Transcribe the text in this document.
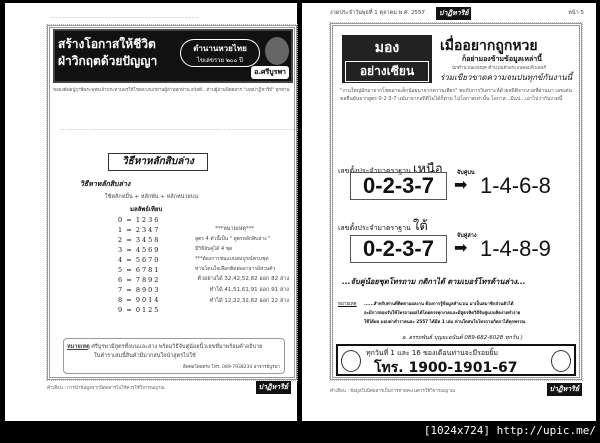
........................................................................................................
สร้างโอกาสให้ชีวิต
ฝ่าวิกฤตด้วยปัญญา
ตำนานหวยไทย
ไขเลขรวย ๒๐๐ ปี
อ.ศรีบูรพา
ขอองค์พ่อปู่ฤาษีพระพุทธเจ้าประทานพรให้โชคลาภแก่ท่านผู้อ่านทุกท่าน สวัสดี...ท่านผู้อ่านนิตยสาร "เลขปาฏิหาริย์" ทุกท่าน
........................................................................................................................................................
วิธีหาหลักสิบล่าง
วิธีหาหลักสิบล่าง
ใช้หลักหมื่น + หลักพัน + หลักหน่วยบน
มลลัพธ์เทียบ
***หมายเหตุ***
หมายเหตุ ศรีบูรพามีสูตรทั้งบนและล่าง พร้อมวิธีจับคู่น้อยนิ้วเลขที่มาพร้อมคำอธิบาย
ในตำราเล่มนี้สินค้ามีมากสนใจนำสูตรไปใช้
ติดต่อโดยตรง โทร. 089-7938234 อาจารย์บูรพา
คำเตือน : การนำข้อมูลจากนิตยสารไปใช้ควรใช้วิจารณญาณ	ปาฏิหาริย์
0  =  1236
1  =  2347
2  =  3458
3  =  4569
4  =  5670
5  =  6781
6  =  7892
7  =  8903
8  =  9014
9  =  0125
สูตร 4 ตัวนี้เป็น " สูตรหลักสิบล่าง "
มีวิธีจับคู่ได้ 4 ชุด
***ต้องการชมแบบสมบูรณ์ครบชุด
ท่านโดนใจเลือกติดต่ออาจารย์ส่วนตัว
ตัวอย่างได้ 32,42,52,82 ออก 82 ล่าง
ทำได้ 41,51,61,91 ออก 91 ล่าง
ทำได้ 12,22,32,62 ออก 22 ล่าง
งวดประจำวันพุธที่ 1 ตุลาคม พ.ศ. 2557	ปาฏิหาริย์	หน้า 5
มอง
อย่างเซียน
เมื่ออยากถูกหวย
ก็อย่ามองข้ามข้อมูลเหล่านี้
นักคำนวณแห่งยุค คำนวณด้วยระบบคอมพิวเตอร์
ร่วมเขียวขาดความจนปนทุกข์กันงานนี้
"งานใหญ่มักมาจากโชคอาจเล็กน้อยมาจากความเพียร" พบกับการวิเคราะห์ด้วยสถิติจากงวดที่ผ่านมา เลขเด่นขอยืนยันจากสูตร 0-2-3-7 แม้มาจากสถิติไม่ได้ก็ตาม ไม่โอกาสเท่านั้น โอกาส...มีแน่...เอาไปว่ากันงวดนี้
เลขตั้งประจำมาตราฐาน เหนือ
0-2-3-7	จับคู่บน
➡ 1-4-6-8
เลขตั้งประจำมาตราฐาน ใต้
0-2-3-7	จับคู่ล่าง
➡ 1-4-8-9
...จับคู่น้อยชุดโทรถาม กติกาได้ ตามเบอร์โทรด้านล่าง...
หมายเหตุ
อ. อรรถพันธ์ บุญยะอนันต์ 089-682-6028 ทุกวัน )
ทุกวันที่ 1 และ 16 ของเดือนท่านจะมีรอยยิ้ม
โทร. 1900-1901-67
คำเตือน : ข้อมูลในนิตยสารเป็นการคาดคะเนควรใช้วิจารณญาณ	ปาฏิหาริย์
......สำหรับท่านที่ติดตามผลงาน ต้องการรู้ข้อมูลคำนวณ มาเป็นสมาชิกส่วนตัวได้
อะมีการตอบรับให้โทรถามผลได้โดยตรงทุกงวดและมีสูตรคิดวิธีจับคู่แบบคิดง่ายทำง่าย
ใช้ได้ผล มอบค่าตำราคนละ 2557 ได้มีค 1 เล่ม ท่านใดสนใจโทรถามกิตกาได้ทุกพรรณ
[1024x724] http://upic.me/
